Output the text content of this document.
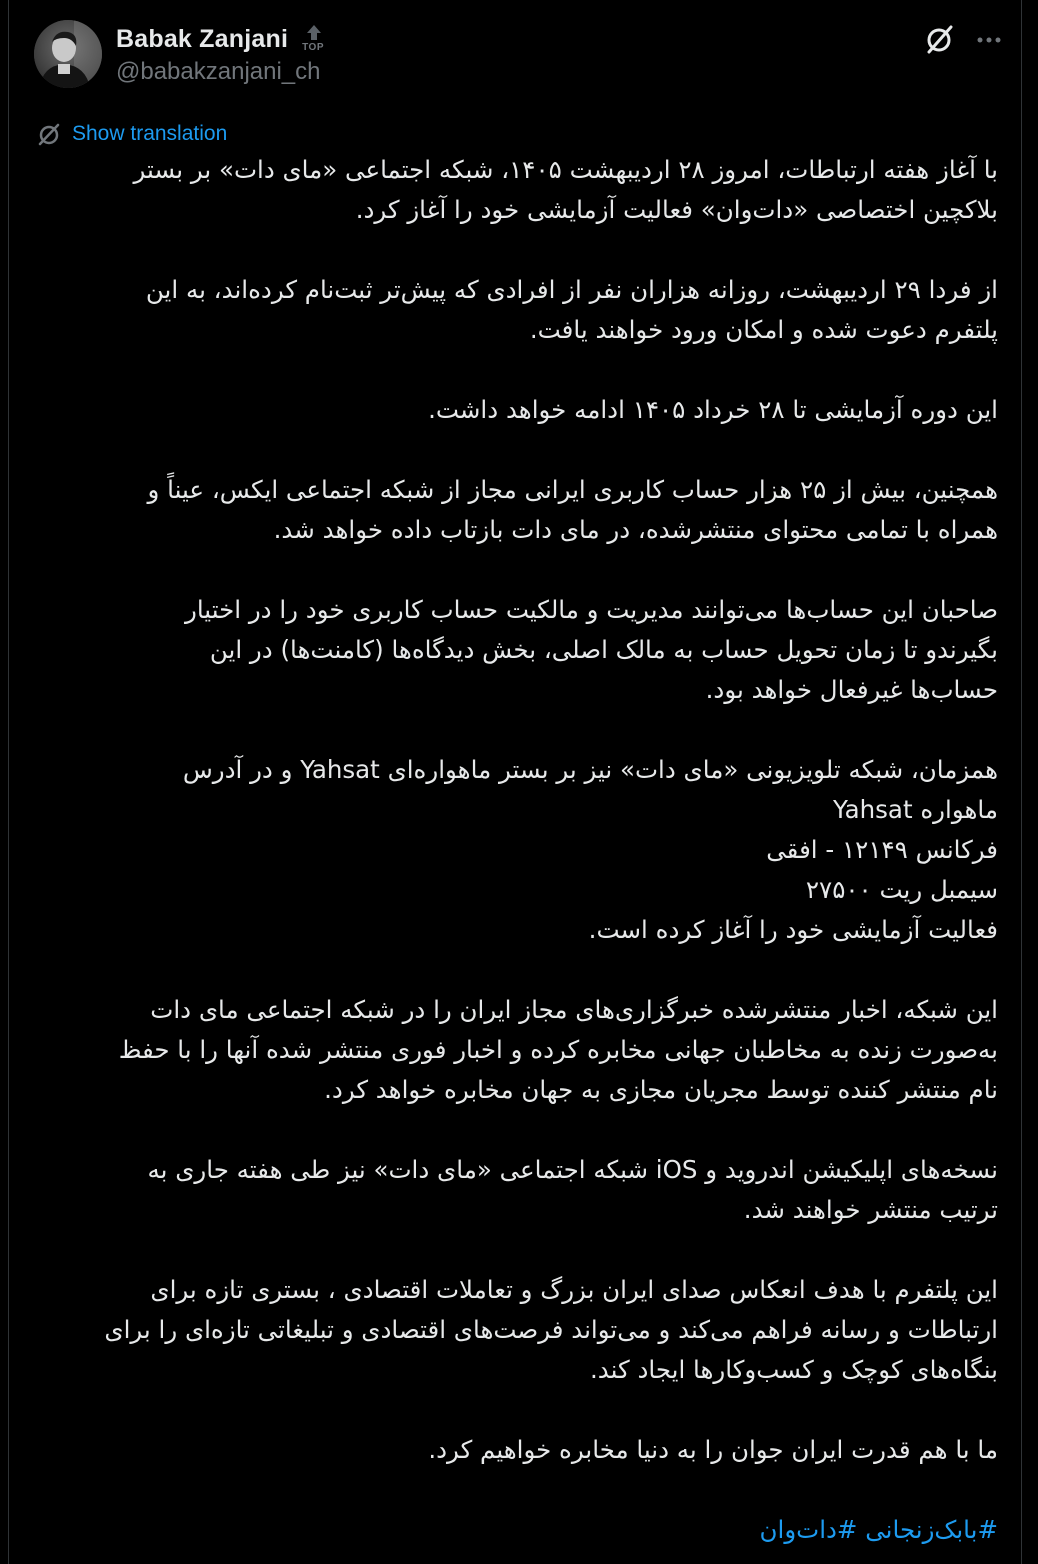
Babak Zanjani TOP
@babakzanjani_ch
Show translation
با آغاز هفته ارتباطات، امروز ۲۸ اردیبهشت ۱۴۰۵، شبکه اجتماعی «مای دات» بر بستر
بلاکچین اختصاصی «دات‌وان» فعالیت آزمایشی خود را آغاز کرد.
از فردا ۲۹ اردیبهشت، روزانه هزاران نفر از افرادی که پیش‌تر ثبت‌نام کرده‌اند، به این
پلتفرم دعوت شده و امکان ورود خواهند یافت.
این دوره آزمایشی تا ۲۸ خرداد ۱۴۰۵ ادامه خواهد داشت.
همچنین، بیش از ۲۵ هزار حساب کاربری ایرانی مجاز از شبکه اجتماعی ایکس، عیناً و
همراه با تمامی محتوای منتشرشده، در مای دات بازتاب داده خواهد شد.
صاحبان این حساب‌ها می‌توانند مدیریت و مالکیت حساب کاربری خود را در اختیار
بگیرندو تا زمان تحویل حساب به مالک اصلی، بخش دیدگاه‌ها (کامنت‌ها) در این
حساب‌ها غیرفعال خواهد بود.
همزمان، شبکه تلویزیونی «مای دات» نیز بر بستر ماهواره‌ای Yahsat و در آدرس
ماهواره Yahsat
فرکانس ۱۲۱۴۹ - افقی
سیمبل ریت ۲۷۵۰۰
فعالیت آزمایشی خود را آغاز کرده است.
این شبکه، اخبار منتشرشده خبرگزاری‌های مجاز ایران را در شبکه اجتماعی مای دات
به‌صورت زنده به مخاطبان جهانی مخابره کرده و اخبار فوری منتشر شده آنها را با حفظ
نام منتشر کننده توسط مجریان مجازی به جهان مخابره خواهد کرد.
نسخه‌های اپلیکیشن اندروید و iOS شبکه اجتماعی «مای دات» نیز طی هفته جاری به
ترتیب منتشر خواهند شد.
این پلتفرم با هدف انعکاس صدای ایران بزرگ و تعاملات اقتصادی ، بستری تازه برای
ارتباطات و رسانه فراهم می‌کند و می‌تواند فرصت‌های اقتصادی و تبلیغاتی تازه‌ای را برای
بنگاه‌های کوچک و کسب‌وکارها ایجاد کند.
ما با هم قدرت ایران جوان را به دنیا مخابره خواهیم کرد.
#بابک‌زنجانی #دات‌وان
